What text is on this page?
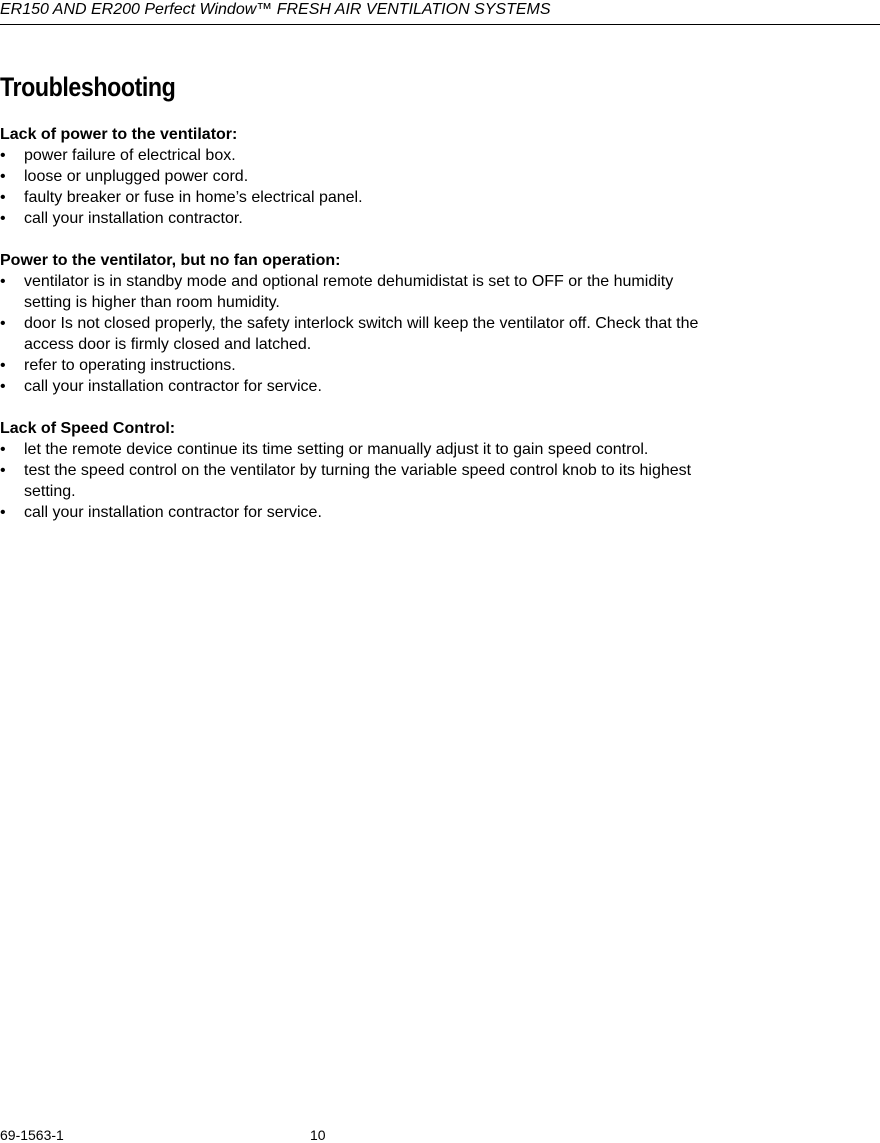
ER150 AND ER200 Perfect Window™ FRESH AIR VENTILATION SYSTEMS
Troubleshooting

Lack of power to the ventilator:

•	power failure of electrical box.
•	loose or unplugged power cord.
•	faulty breaker or fuse in home’s electrical panel.
•	call your installation contractor.

Power to the ventilator, but no fan operation:

•	ventilator is in standby mode and optional remote dehumidistat is set to OFF or the humidity setting is higher than room humidity.
•	door Is not closed properly, the safety interlock switch will keep the ventilator off. Check that the access door is firmly closed and latched.
•	refer to operating instructions.
•	call your installation contractor for service.

Lack of Speed Control:

•	let the remote device continue its time setting or manually adjust it to gain speed control.
•	test the speed control on the ventilator by turning the variable speed control knob to its highest setting.
•	call your installation contractor for service.
69-1563-1	10
